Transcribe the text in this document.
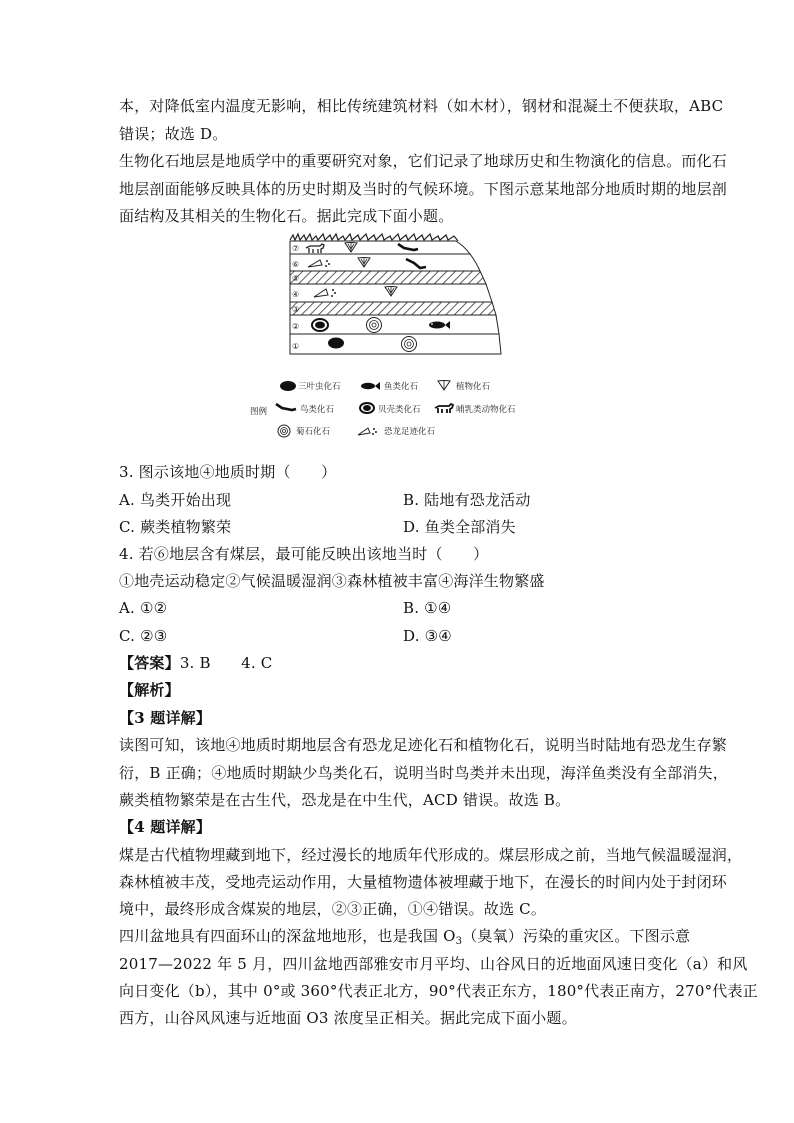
本，对降低室内温度无影响，相比传统建筑材料（如木材），钢材和混凝土不便获取，ABC
错误；故选 D。
生物化石地层是地质学中的重要研究对象，它们记录了地球历史和生物演化的信息。而化石
地层剖面能够反映具体的历史时期及当时的气候环境。下图示意某地部分地质时期的地层剖
面结构及其相关的生物化石。据此完成下面小题。
⑦
⑥
⑤
④
③
②
①
图例
三叶虫化石	鱼类化石	植物化石
鸟类化石	贝壳类化石	哺乳类动物化石
菊石化石	恐龙足迹化石
3. 图示该地④地质时期（　　）
A. 鸟类开始出现	B. 陆地有恐龙活动
C. 蕨类植物繁荣	D. 鱼类全部消失
4. 若⑥地层含有煤层，最可能反映出该地当时（　　）
①地壳运动稳定②气候温暖湿润③森林植被丰富④海洋生物繁盛
A. ①②	B. ①④
C. ②③	D. ③④
【答案】3. B　　4. C
【解析】
【3 题详解】
读图可知，该地④地质时期地层含有恐龙足迹化石和植物化石，说明当时陆地有恐龙生存繁
衍，B 正确；④地质时期缺少鸟类化石，说明当时鸟类并未出现，海洋鱼类没有全部消失，
蕨类植物繁荣是在古生代，恐龙是在中生代，ACD 错误。故选 B。
【4 题详解】
煤是古代植物埋藏到地下，经过漫长的地质年代形成的。煤层形成之前，当地气候温暖湿润，
森林植被丰茂，受地壳运动作用，大量植物遗体被埋藏于地下，在漫长的时间内处于封闭环
境中，最终形成含煤炭的地层，②③正确，①④错误。故选 C。
四川盆地具有四面环山的深盆地地形，也是我国 $O_3$（臭氧）污染的重灾区。下图示意
2017—2022 年 5 月，四川盆地西部雅安市月平均、山谷风日的近地面风速日变化（a）和风
向日变化（b），其中 0°或 360°代表正北方，90°代表正东方，180°代表正南方，270°代表正
西方，山谷风风速与近地面 O3 浓度呈正相关。据此完成下面小题。
